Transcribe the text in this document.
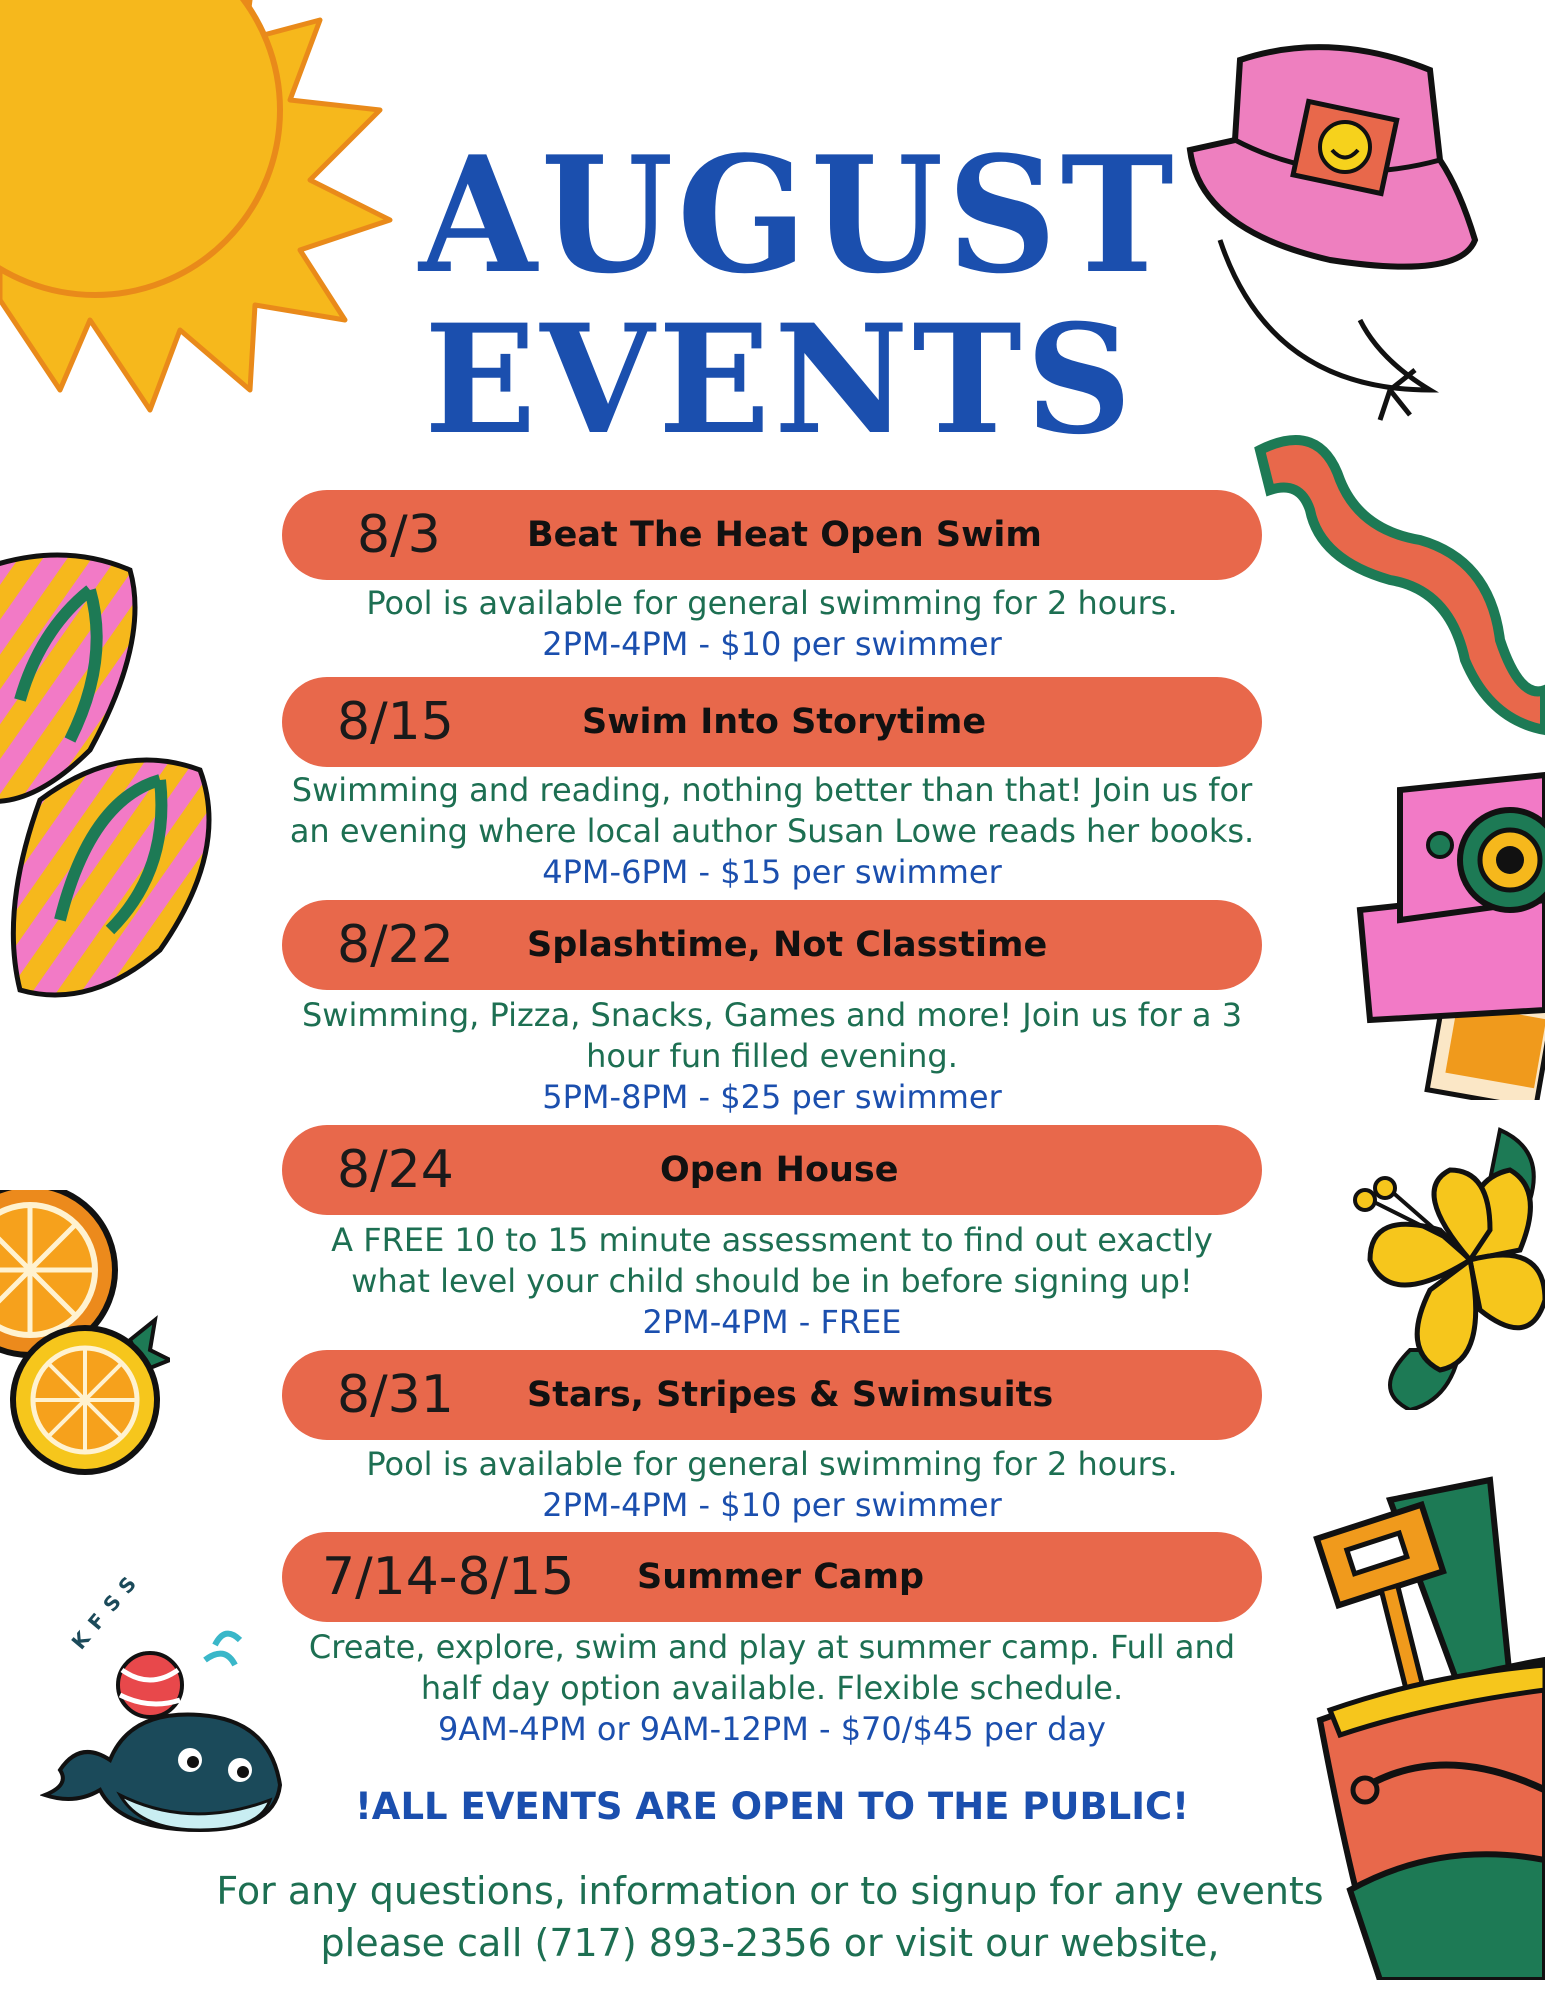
KFSS
AUGUST
EVENTS
8/3 Beat The Heat Open Swim
Pool is available for general swimming for 2 hours.
2PM-4PM - $10 per swimmer
8/15	Swim Into Storytime
Swimming and reading, nothing better than that! Join us for
an evening where local author Susan Lowe reads her books.
4PM-6PM - $15 per swimmer
8/22 Splashtime, Not Classtime
Swimming, Pizza, Snacks, Games and more! Join us for a 3
hour fun filled evening.
5PM-8PM - $25 per swimmer
8/24	Open House
A FREE 10 to 15 minute assessment to find out exactly
what level your child should be in before signing up!
2PM-4PM - FREE
8/31 Stars, Stripes & Swimsuits
Pool is available for general swimming for 2 hours.
2PM-4PM - $10 per swimmer
7/14-8/15 Summer Camp
Create, explore, swim and play at summer camp. Full and
half day option available. Flexible schedule.
9AM-4PM or 9AM-12PM - $70/$45 per day
!ALL EVENTS ARE OPEN TO THE PUBLIC!
For any questions, information or to signup for any events
please call (717) 893-2356 or visit our website,
